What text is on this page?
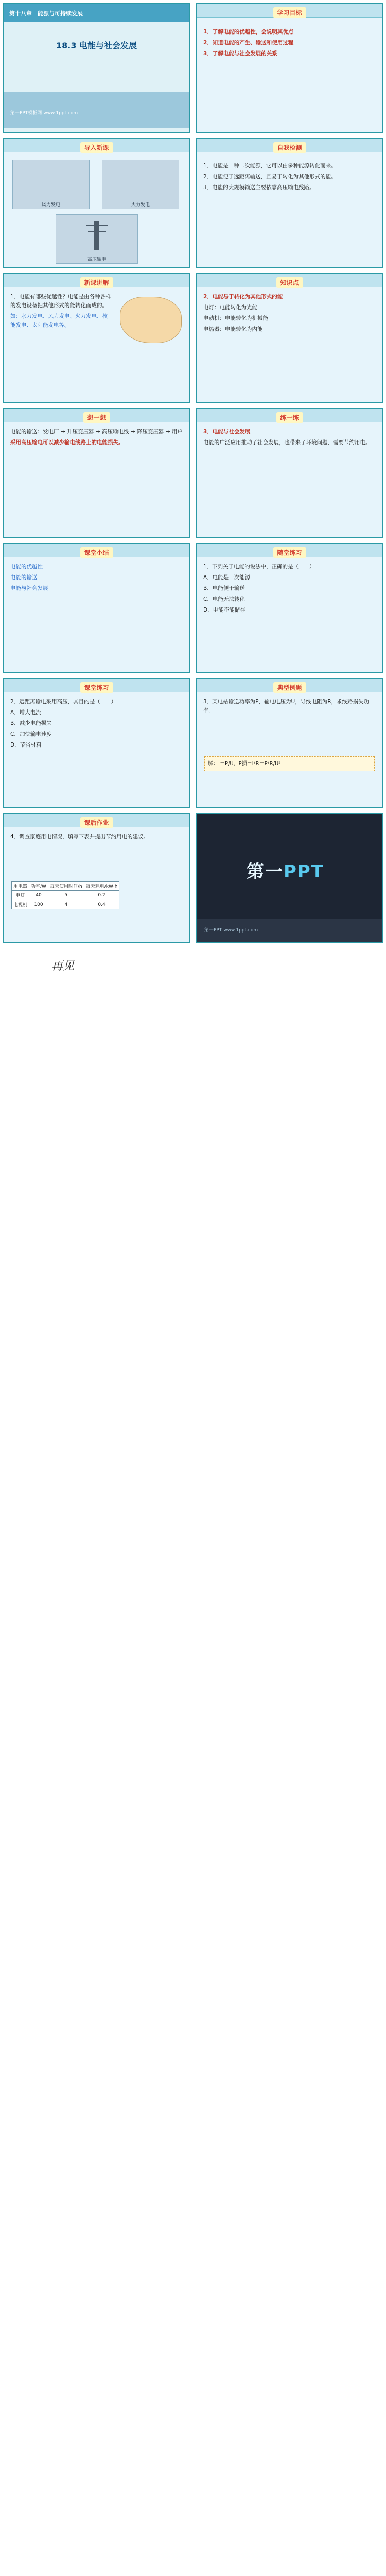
第十八章　能源与可持续发展
18.3 电能与社会发展
第一PPT模板网 www.1ppt.com
学习目标

1．了解电能的优越性，会说明其优点

2．知道电能的产生、输送和使用过程

3．了解电能与社会发展的关系

导入新课
风力发电	火力发电
高压输电
自我检测

1．电能是一种二次能源，它可以由多种能源转化而来。

2．电能便于远距离输送，且易于转化为其他形式的能。

3．电能的大规模输送主要依靠高压输电线路。

新课讲解

1．电能有哪些优越性？电能是由各种各样的发电设备把其他形式的能转化而成的。

如：水力发电、风力发电、火力发电、核能发电、太阳能发电等。

知识点

2．电能易于转化为其他形式的能

电灯：电能转化为光能

电动机：电能转化为机械能

电热器：电能转化为内能

想一想

电能的输送：发电厂 → 升压变压器 → 高压输电线 → 降压变压器 → 用户

采用高压输电可以减少输电线路上的电能损失。

练一练

3．电能与社会发展

电能的广泛应用推动了社会发展，也带来了环境问题，需要节约用电。

课堂小结

电能的优越性

电能的输送

电能与社会发展

随堂练习

1．下列关于电能的说法中，正确的是（　　）

A．电能是一次能源

B．电能便于输送

C．电能无法转化

D．电能不能储存

课堂练习

2．远距离输电采用高压，其目的是（　　）

A．增大电流

B．减少电能损失

C．加快输电速度

D．节省材料

典型例题

3．某电站输送功率为P，输电电压为U，导线电阻为R，求线路损失功率。

解：I＝P/U，P损＝I²R＝P²R/U²
课后作业

4．调查家庭用电情况，填写下表并提出节约用电的建议。

用电器	功率/W	每天使用时间/h	每天耗电/kW·h
电灯	40	5	0.2
电视机	100	4	0.4
第一PPT
第一PPT www.1ppt.com
再见
